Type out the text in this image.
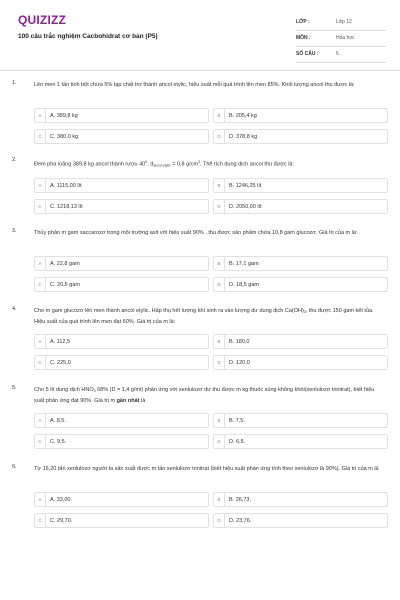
QUIZIZZ
100 câu trắc nghiệm Cacbohidrat cơ bản (P5)
LỚP :	Lớp 12
MÔN :	Hóa học
SỐ CÂU :	6
1.	Lên men 1 tấn tinh bột chứa 5% tạp chất trơ thành ancol etylic, hiệu suất mỗi quá trình lên men 85%. Khối lượng ancol thu được là:
A	A. 389,8 kg	B	B. 205,4 kg
C	C. 380,0 kg	D	D. 378,8 kg
2.
Đem pha loãng 389,8 kg ancol thành rượu $40^0$, $d_{ancol etylic} = 0,8$ $g/cm^3$. Thể tích dung dịch ancol thu được là:
A	A. 1115,00 lít	B	B. 1246,25 lít
C	C. 1218,13 lít	D	D. 2050,00 lít
3.	Thủy phân m gam saccarozơ trong môi trường axit với hiệu suất 90% , thu được sản phẩm chứa 10,8 gam glucozơ. Giá trị của m là:
A	A. 22,8 gam	B	B. 17,1 gam
C	C. 20,5 gam	D	D. 18,5 gam
4.	Cho m gam glucozơ lên men thành ancol etylic. Hấp thụ hết lượng khí sinh ra vào lượng dư dung dịch $Ca(OH)_2$, thu được 150 gam kết tủa. Hiệu suất của quá trình lên men đạt 60%. Giá trị của m là:
A	A. 112,5	B	B. 180,0
C	C. 225,0	D	D. 120,0
5.	Cho 5 lít dung dịch $HNO_3$ 68% (D = 1,4 g/ml) phản ứng với xenlulozơ dư thu được m kg thuốc súng không khói(xenlulozơ trinitrat), biết hiệu suất phản ứng đạt 90%. Giá trị m gần nhất là
A	A. 8,5.	B	B. 7,5.
C	C. 9,5.	D	D. 6,5.
6.	Từ 16,20 tấn xenlulozơ người ta sản xuất được m tấn xenlulozơ trinitrat (biết hiệu suất phản ứng tính theo xenlulozơ là 90%). Giá trị của m là
A	A. 33,00.	B	B. 26,73.
C	C. 29,70.	D	D. 23,76.
